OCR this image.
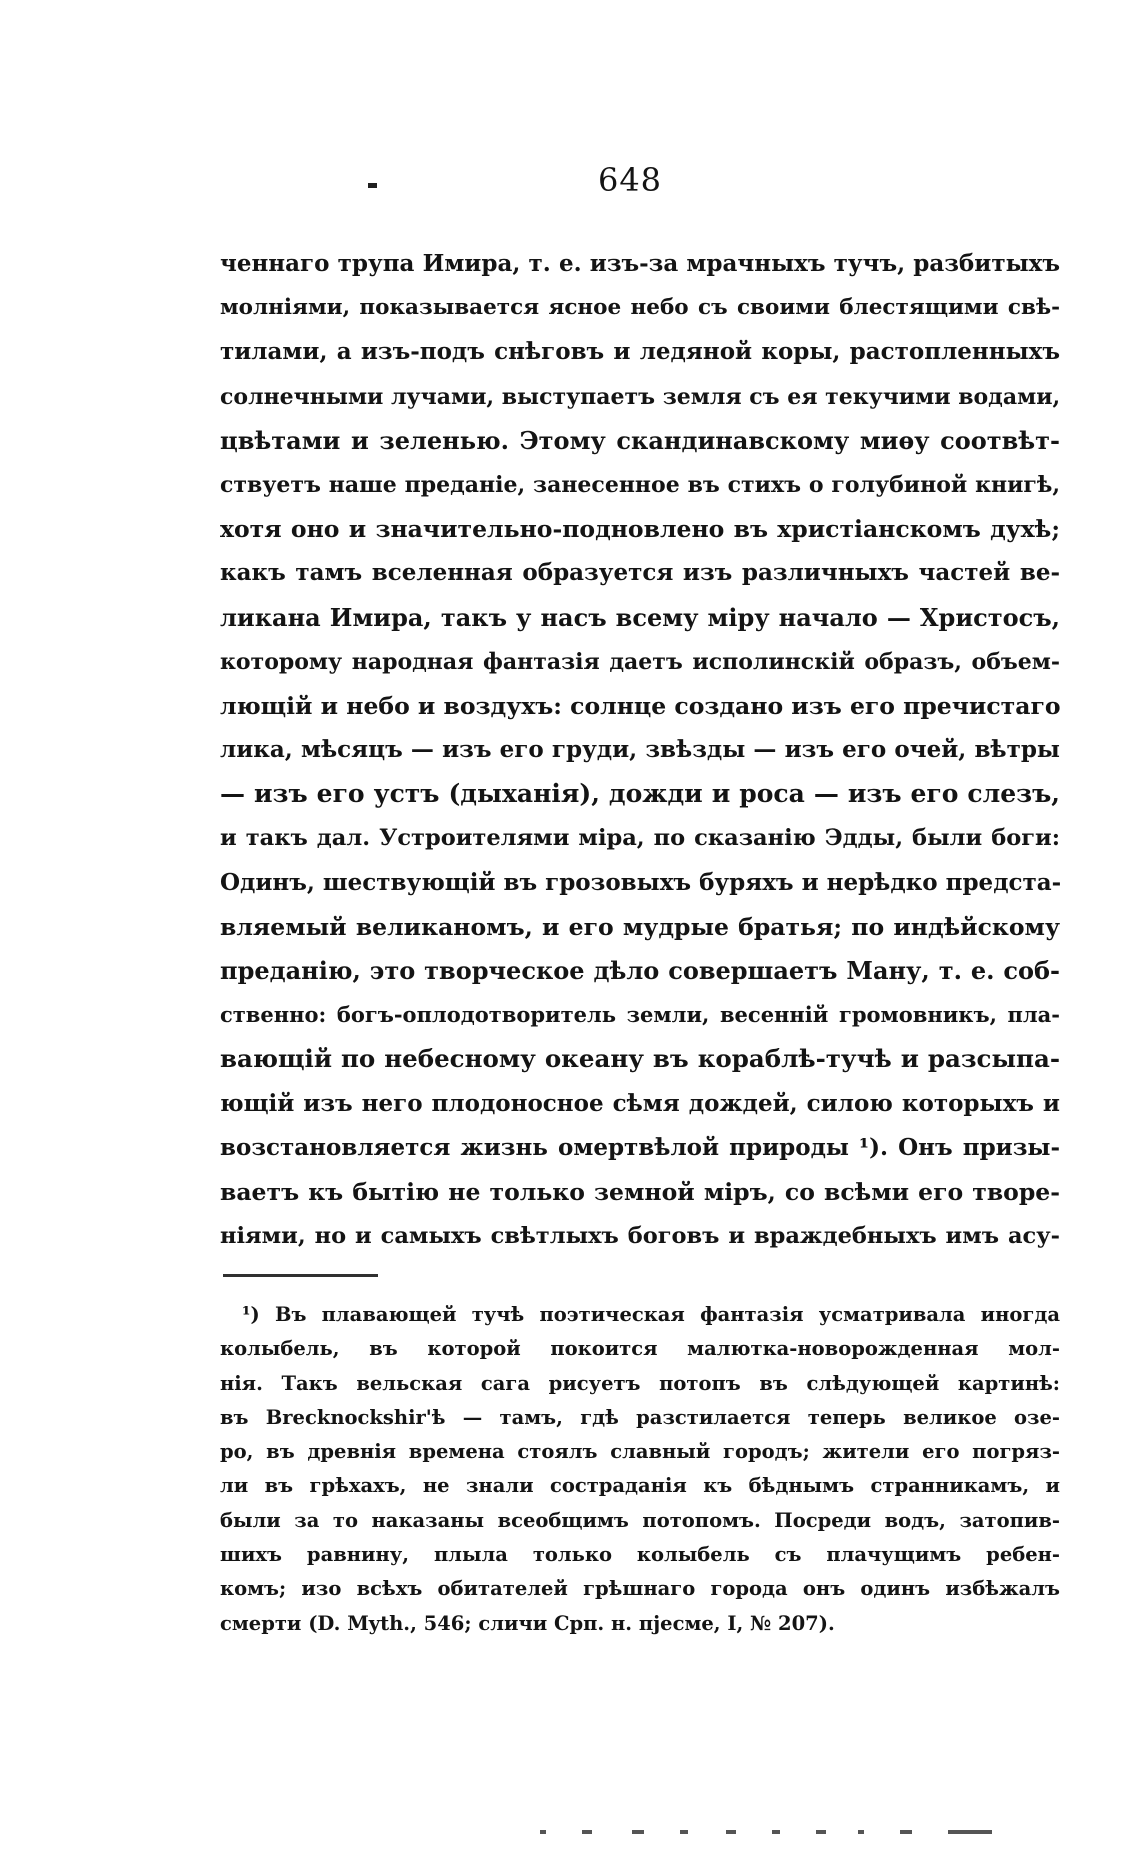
648
ченнаго трупа Имира, т. е. изъ-за мрачныхъ тучъ, разбитыхъ
молніями, показывается ясное небо съ своими блестящими свѣ-
тилами, а изъ-подъ снѣговъ и ледяной коры, растопленныхъ
солнечными лучами, выступаетъ земля съ ея текучими водами,
цвѣтами и зеленью. Этому скандинавскому миѳу соотвѣт-
ствуетъ наше преданіе, занесенное въ стихъ о голубиной книгѣ,
хотя оно и значительно-подновлено въ христіанскомъ духѣ;
какъ тамъ вселенная образуется изъ различныхъ частей ве-
ликана Имира, такъ у насъ всему міру начало — Христосъ,
которому народная фантазія даетъ исполинскій образъ, объем-
лющій и небо и воздухъ: солнце создано изъ его пречистаго
лика, мѣсяцъ — изъ его груди, звѣзды — изъ его очей, вѣтры
— изъ его устъ (дыханія), дожди и роса — изъ его слезъ,
и такъ дал. Устроителями міра, по сказанію Эдды, были боги:
Одинъ, шествующій въ грозовыхъ буряхъ и нерѣдко предста-
вляемый великаномъ, и его мудрые братья; по индѣйскому
преданію, это творческое дѣло совершаетъ Ману, т. е. соб-
ственно: богъ-оплодотворитель земли, весенній громовникъ, пла-
вающій по небесному океану въ кораблѣ-тучѣ и разсыпа-
ющій изъ него плодоносное сѣмя дождей, силою которыхъ и
возстановляется жизнь омертвѣлой природы ¹). Онъ призы-
ваетъ къ бытію не только земной міръ, со всѣми его творе-
ніями, но и самыхъ свѣтлыхъ боговъ и враждебныхъ имъ асу-
¹) Въ плавающей тучѣ поэтическая фантазія усматривала иногда
колыбель, въ которой покоится малютка-новорожденная мол-
нія. Такъ вельская сага рисуетъ потопъ въ слѣдующей картинѣ:
въ Brecknockshir'ѣ — тамъ, гдѣ разстилается теперь великое озе-
ро, въ древнія времена стоялъ славный городъ; жители его погряз-
ли въ грѣхахъ, не знали состраданія къ бѣднымъ странникамъ, и
были за то наказаны всеобщимъ потопомъ. Посреди водъ, затопив-
шихъ равнину, плыла только колыбель съ плачущимъ ребен-
комъ; изо всѣхъ обитателей грѣшнаго города онъ одинъ избѣжалъ
смерти (D. Myth., 546; сличи Срп. н. пjесме, I, № 207).
